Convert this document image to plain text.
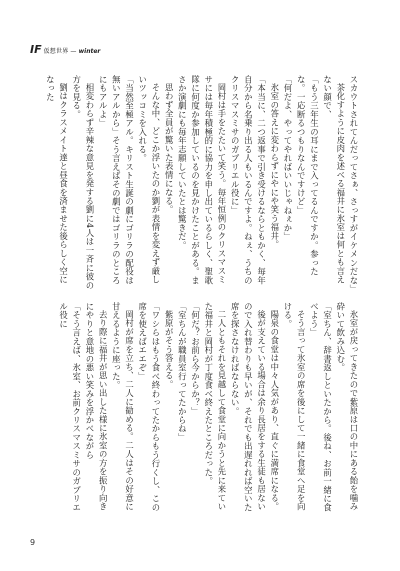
IF 仮想世界 — winter

スカウトされてんだってさぁ、さっすがイケメンだな」

茶化すように皮肉を述べる福井に氷室は何とも言えない顔で、

「もう三年生の耳にまで入ってるんですか。参ったな。一応断るつもりなんですけど」

「何だよ、やってやればいいじゃねぇか」

氷室の答えに変わらずにやにや笑う福井。

「本当に、二つ返事で引き受けるならともかく、毎年自分から名乗り出る人もいるんですよ。ねぇ、うちのクリスマスミサのガブリエル役に」

岡村は手をたたいて笑う。毎年恒例のクリスマスミサには毎年積極的に協力を申し出ているらしく、聖歌隊に何度か参加しているのを見かけたことがある。まさか演劇にも毎年志願していたとは驚きだ。

思わず全員が驚いた表情になる。

そんな中、どこか浮いたのか劉が表情を変えず厳しいツッコミを入れる。

「当然至極アル。キリスト生誕の劇にゴリラの配役は無いアルから」そう言えばその劇ではゴリラのところにもアルよ」

相変わらず辛辣な意見を発する劉に4人は一斉に彼の方を見る。

劉はクラスメイト達と昼食を済ませた後らしく空になった

氷室が戻ってきたので紫原は口の中にある飴を噛み砕いて飲み込む。

「室ちん、辞書返しといたから。後ね、お前一緒に食べよう」

そう言って氷室の席を後にして一緒に食堂へ足を向ける。

陽泉の食堂は中々人気があり、直ぐに満席になる。

後が支えている場合は余り長居をする生徒も居ないので入れ替わりも早いが、それでも出遅れれば空いた席を探さなければならない。

二人ともそれを見越して食堂に向かうと先に来ていた福井と岡村が丁度食べ終えたところだった。

「何だ？お前ら今からか？」

「室ちんが職員室行ってたからね」

紫原がそう答える。

「ワシらはもう食べ終わってたからもう行くし、この席を使えばエエぞ」

岡村が席を立ち、二人に勧める。二人はその好意に甘えるように座った。

去り際に福井が思い出した様に氷室の方を振り向きにやりと意地の悪い笑みを浮かべながら

「そう言えば、氷室、お前クリスマスミサのガブリエル役に

9
